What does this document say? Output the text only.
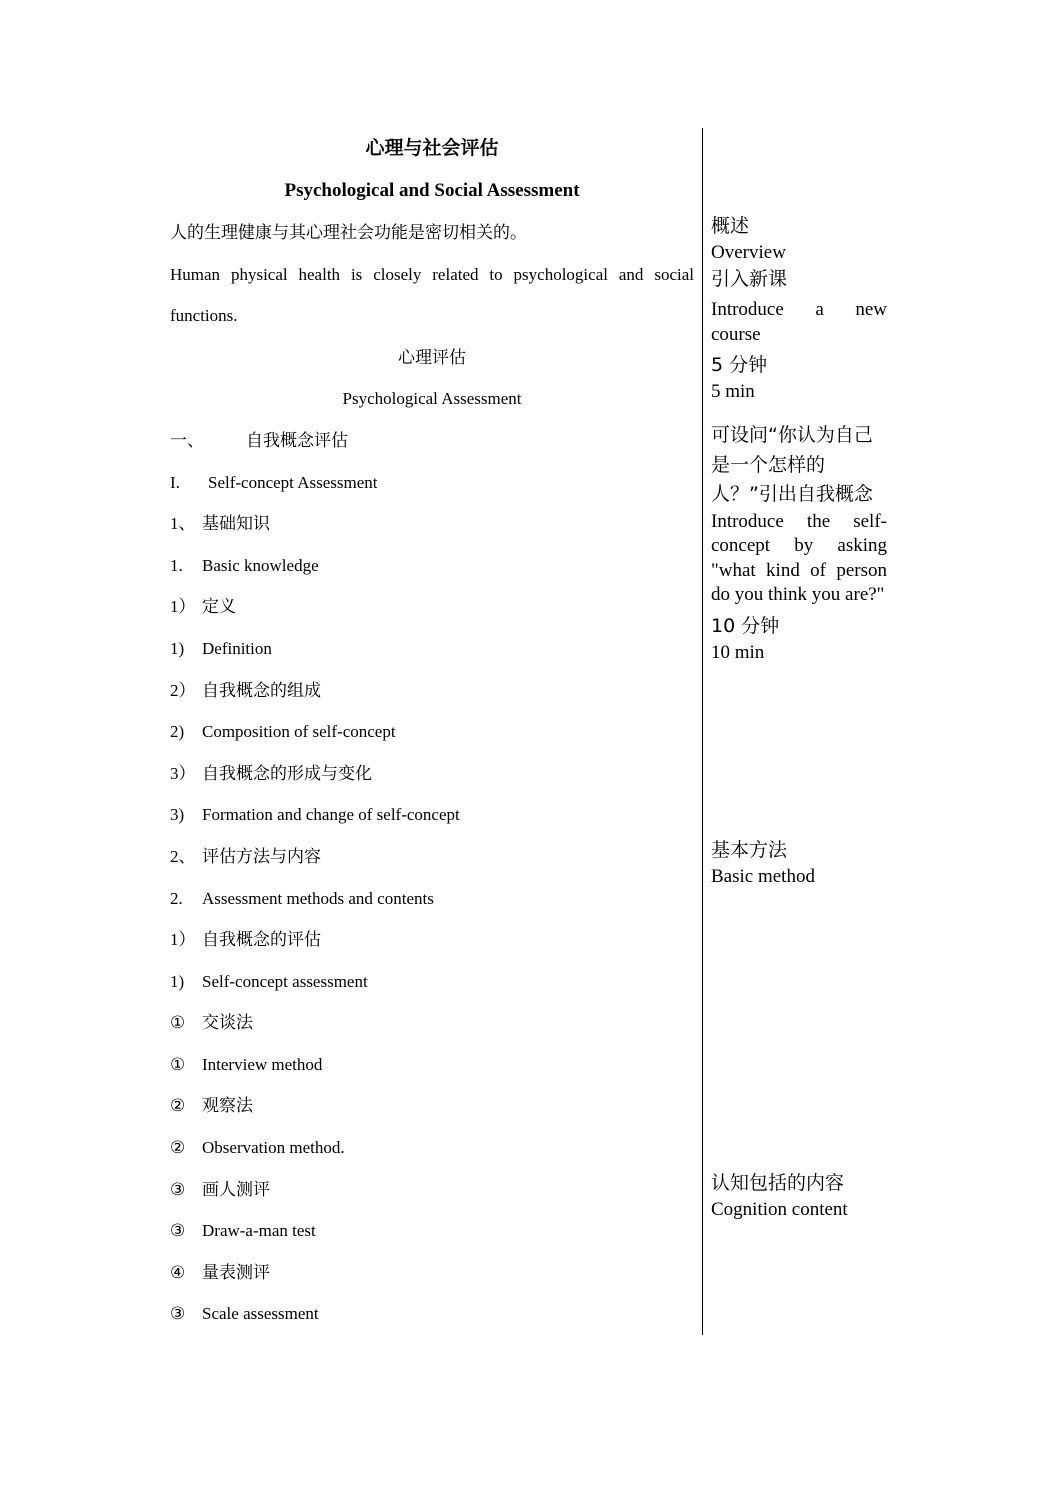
心理与社会评估
Psychological and Social Assessment
人的生理健康与其心理社会功能是密切相关的。
Human physical health is closely related to psychological and social functions.
心理评估
Psychological Assessment
一、 自我概念评估
I. Self-concept Assessment
1、 基础知识
1. Basic knowledge
1） 定义
1) Definition
2） 自我概念的组成
2) Composition of self-concept
3） 自我概念的形成与变化
3) Formation and change of self-concept
2、 评估方法与内容
2. Assessment methods and contents
1） 自我概念的评估
1) Self-concept assessment
① 交谈法
① Interview method
② 观察法
② Observation method.
③ 画人测评
③ Draw-a-man test
④ 量表测评
③ Scale assessment
概述
Overview
引入新课
Introduce a new course
5 分钟
5 min
可设问“你认为自己是一个怎样的人？”引出自我概念
Introduce the self-concept by asking "what kind of person do you think you are?"
10 分钟
10 min
基本方法
Basic method
认知包括的内容
Cognition content
